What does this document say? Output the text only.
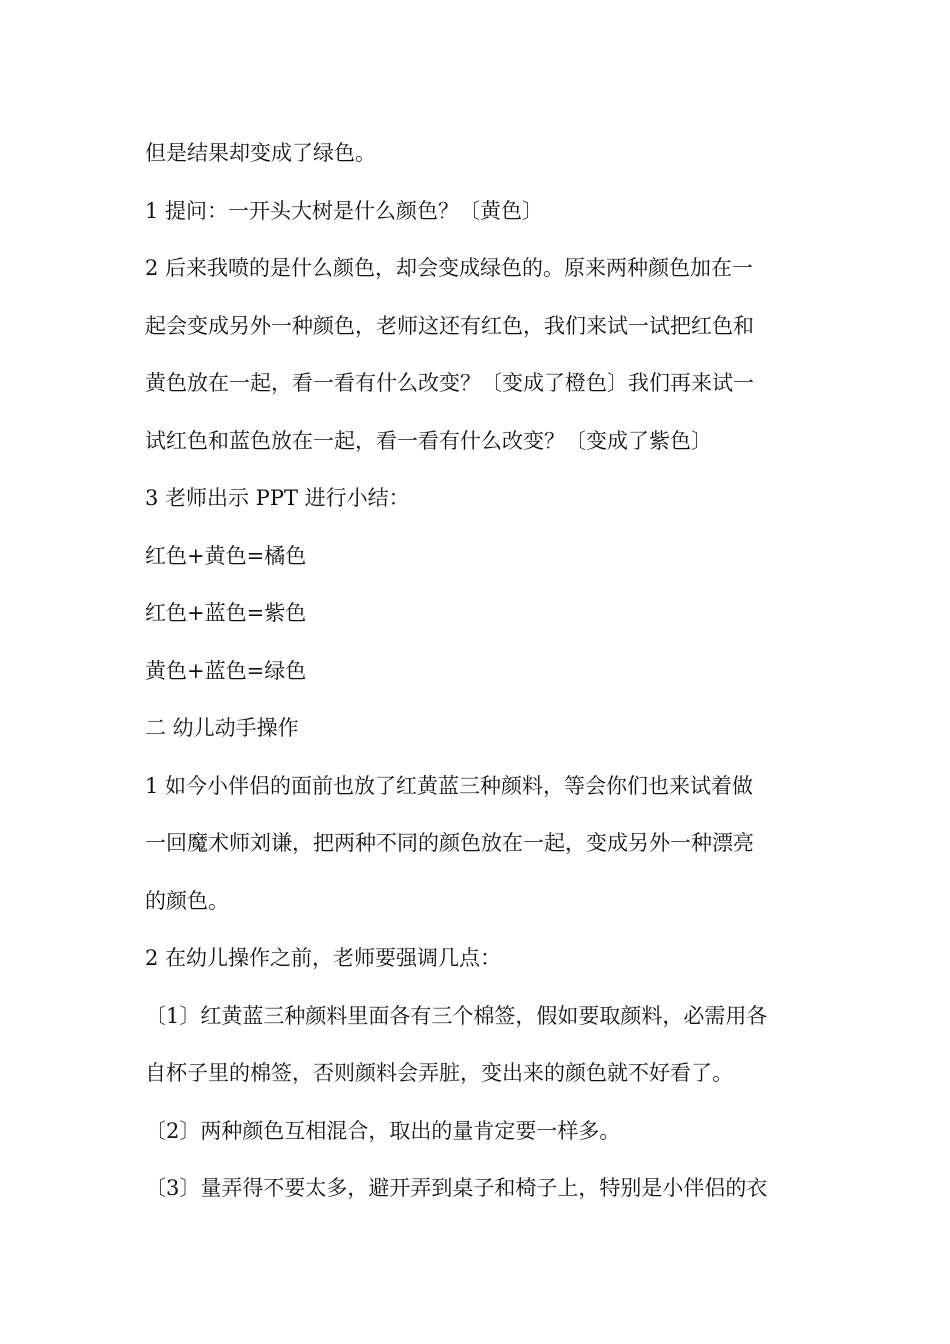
但是结果却变成了绿色。
1 提问：一开头大树是什么颜色？〔黄色〕
2 后来我喷的是什么颜色，却会变成绿色的。原来两种颜色加在一
起会变成另外一种颜色，老师这还有红色，我们来试一试把红色和
黄色放在一起，看一看有什么改变？〔变成了橙色〕我们再来试一
试红色和蓝色放在一起，看一看有什么改变？〔变成了紫色〕
3 老师出示 PPT 进行小结：
红色+黄色=橘色
红色+蓝色=紫色
黄色+蓝色=绿色
二 幼儿动手操作
1 如今小伴侣的面前也放了红黄蓝三种颜料，等会你们也来试着做
一回魔术师刘谦，把两种不同的颜色放在一起，变成另外一种漂亮
的颜色。
2 在幼儿操作之前，老师要强调几点：
〔1〕红黄蓝三种颜料里面各有三个棉签，假如要取颜料，必需用各
自杯子里的棉签，否则颜料会弄脏，变出来的颜色就不好看了。
〔2〕两种颜色互相混合，取出的量肯定要一样多。
〔3〕量弄得不要太多，避开弄到桌子和椅子上，特别是小伴侣的衣
